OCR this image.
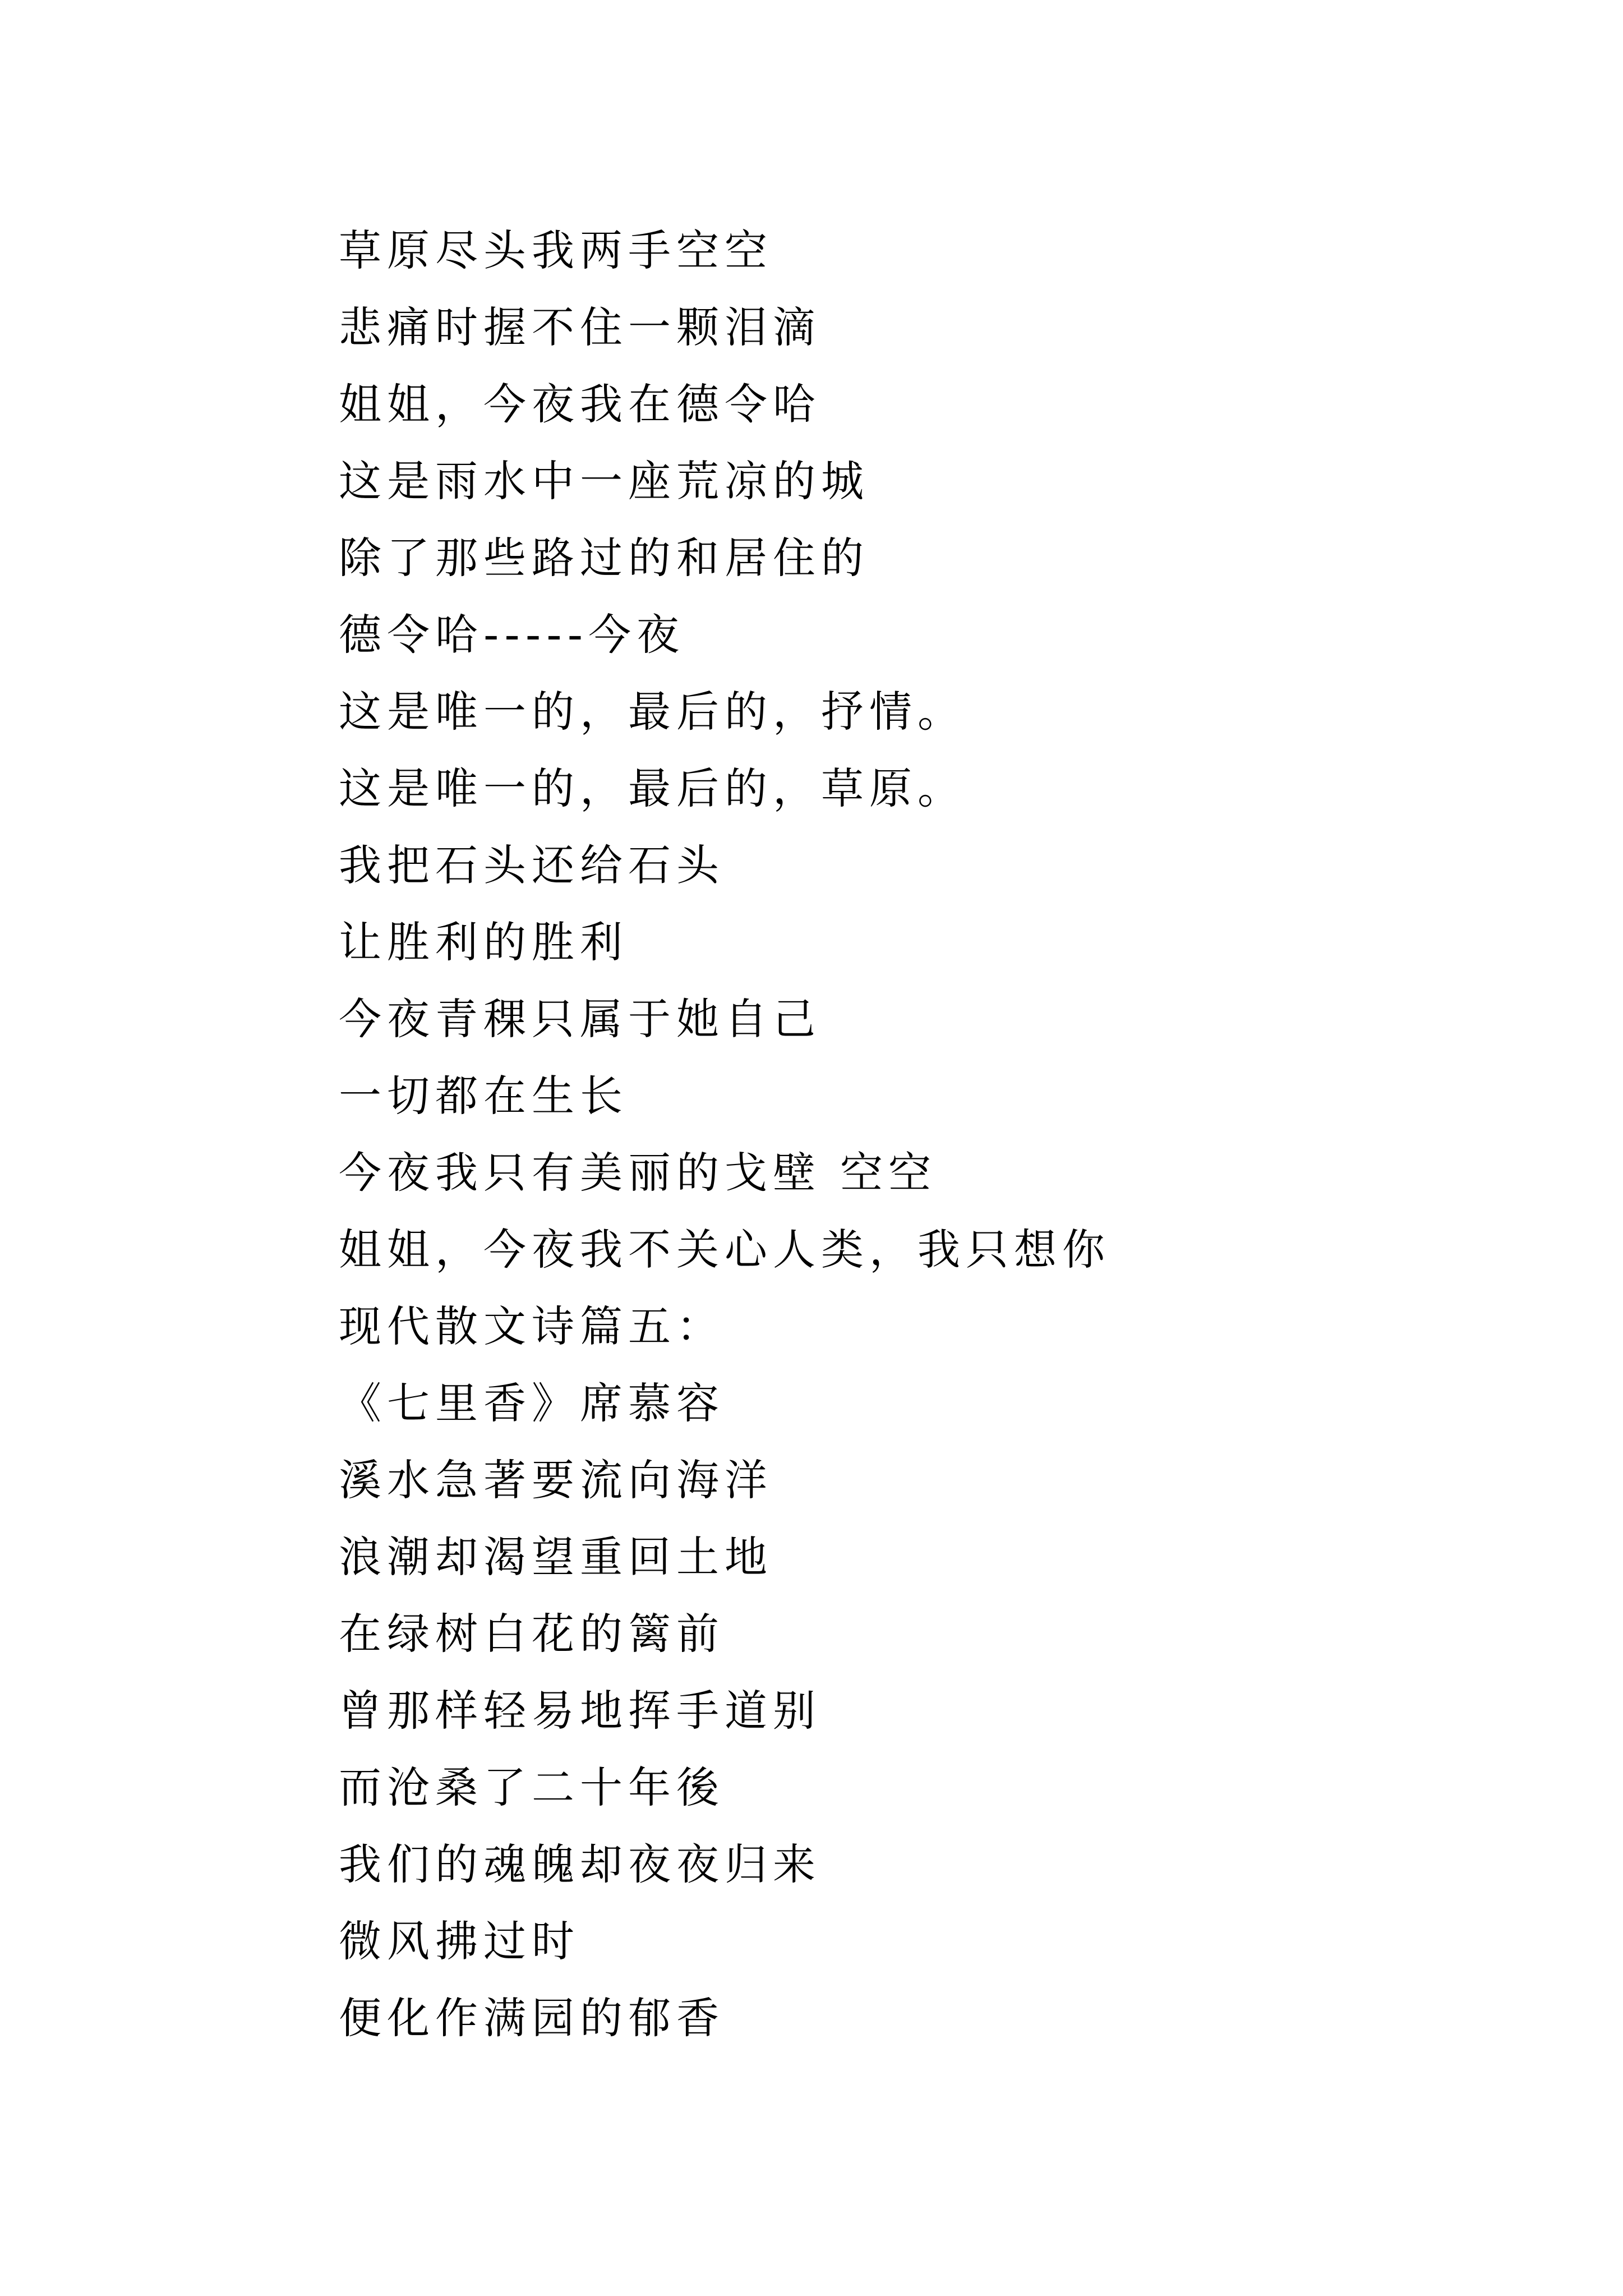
草原尽头我两手空空
悲痛时握不住一颗泪滴
姐姐，今夜我在德令哈
这是雨水中一座荒凉的城
除了那些路过的和居住的
德令哈-----今夜
这是唯一的，最后的，抒情。
这是唯一的，最后的，草原。
我把石头还给石头
让胜利的胜利
今夜青稞只属于她自己
一切都在生长
今夜我只有美丽的戈壁 空空
姐姐，今夜我不关心人类，我只想你
现代散文诗篇五：
《七里香》席慕容
溪水急著要流向海洋
浪潮却渴望重回土地
在绿树白花的篱前
曾那样轻易地挥手道别
而沧桑了二十年後
我们的魂魄却夜夜归来
微风拂过时
便化作满园的郁香
